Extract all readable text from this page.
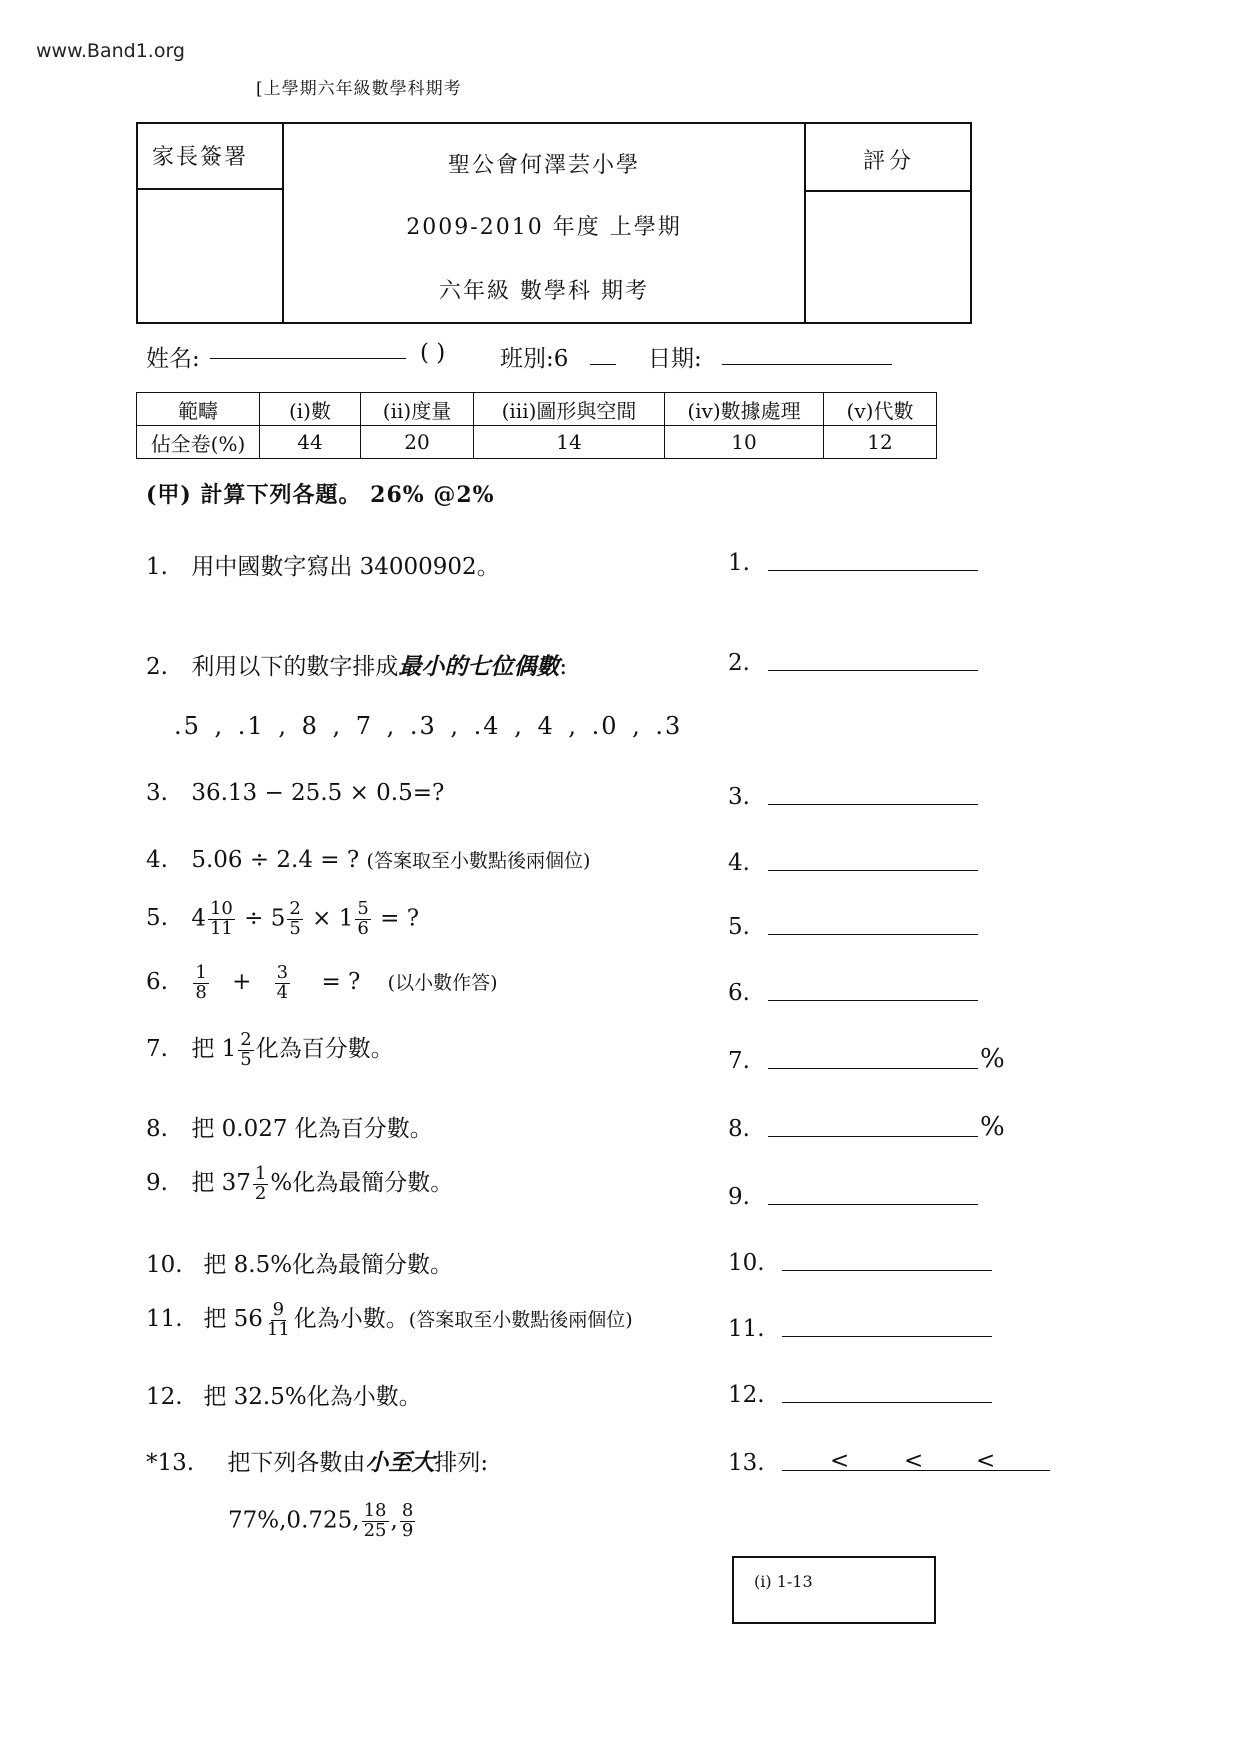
www.Band1.org
[上學期六年級數學科期考
家長簽署	聖公會何澤芸小學
2009-2010 年度 上學期
六年級 數學科 期考
評分
姓名:	( ) 班別:6	日期:
範疇	(i)數	(ii)度量	(iii)圖形與空間	(iv)數據處理	(v)代數
佔全卷(%)	44	20	14	10	12
(甲) 計算下列各題。 26% @2%
1. 用中國數字寫出 34000902。
2. 利用以下的數字排成最小的七位偶數:
.5 , .1 , 8 , 7 , .3 , .4 , 4 , .0 , .3
3. 36.13 − 25.5 × 0.5=?
4. 5.06 ÷ 2.4 = ? (答案取至小數點後兩個位)
5. $4 \frac{10}{11} \div 5 \frac{2}{5} \times 1 \frac{5}{6}$ = ?
6. $\frac{1}{8} + \frac{3}{4}$ = ? (以小數作答)
7. 把 $1 \frac{2}{5}$ 化為百分數。
8. 把 0.027 化為百分數。
9. 把 $37 \frac{1}{2}$ %化為最簡分數。
10. 把 8.5%化為最簡分數。
11. 把 $56 \frac{9}{11}$ 化為小數。(答案取至小數點後兩個位)
12. 把 32.5%化為小數。
*13. 把下列各數由小至大排列:
77%,0.725, $\frac{18}{25}$ , $\frac{8}{9}$
1.
2.
3.
4.
5.
6.
7.	%
8.	%
9.
10.
11.
12.
13.	< < <
(i) 1-13
